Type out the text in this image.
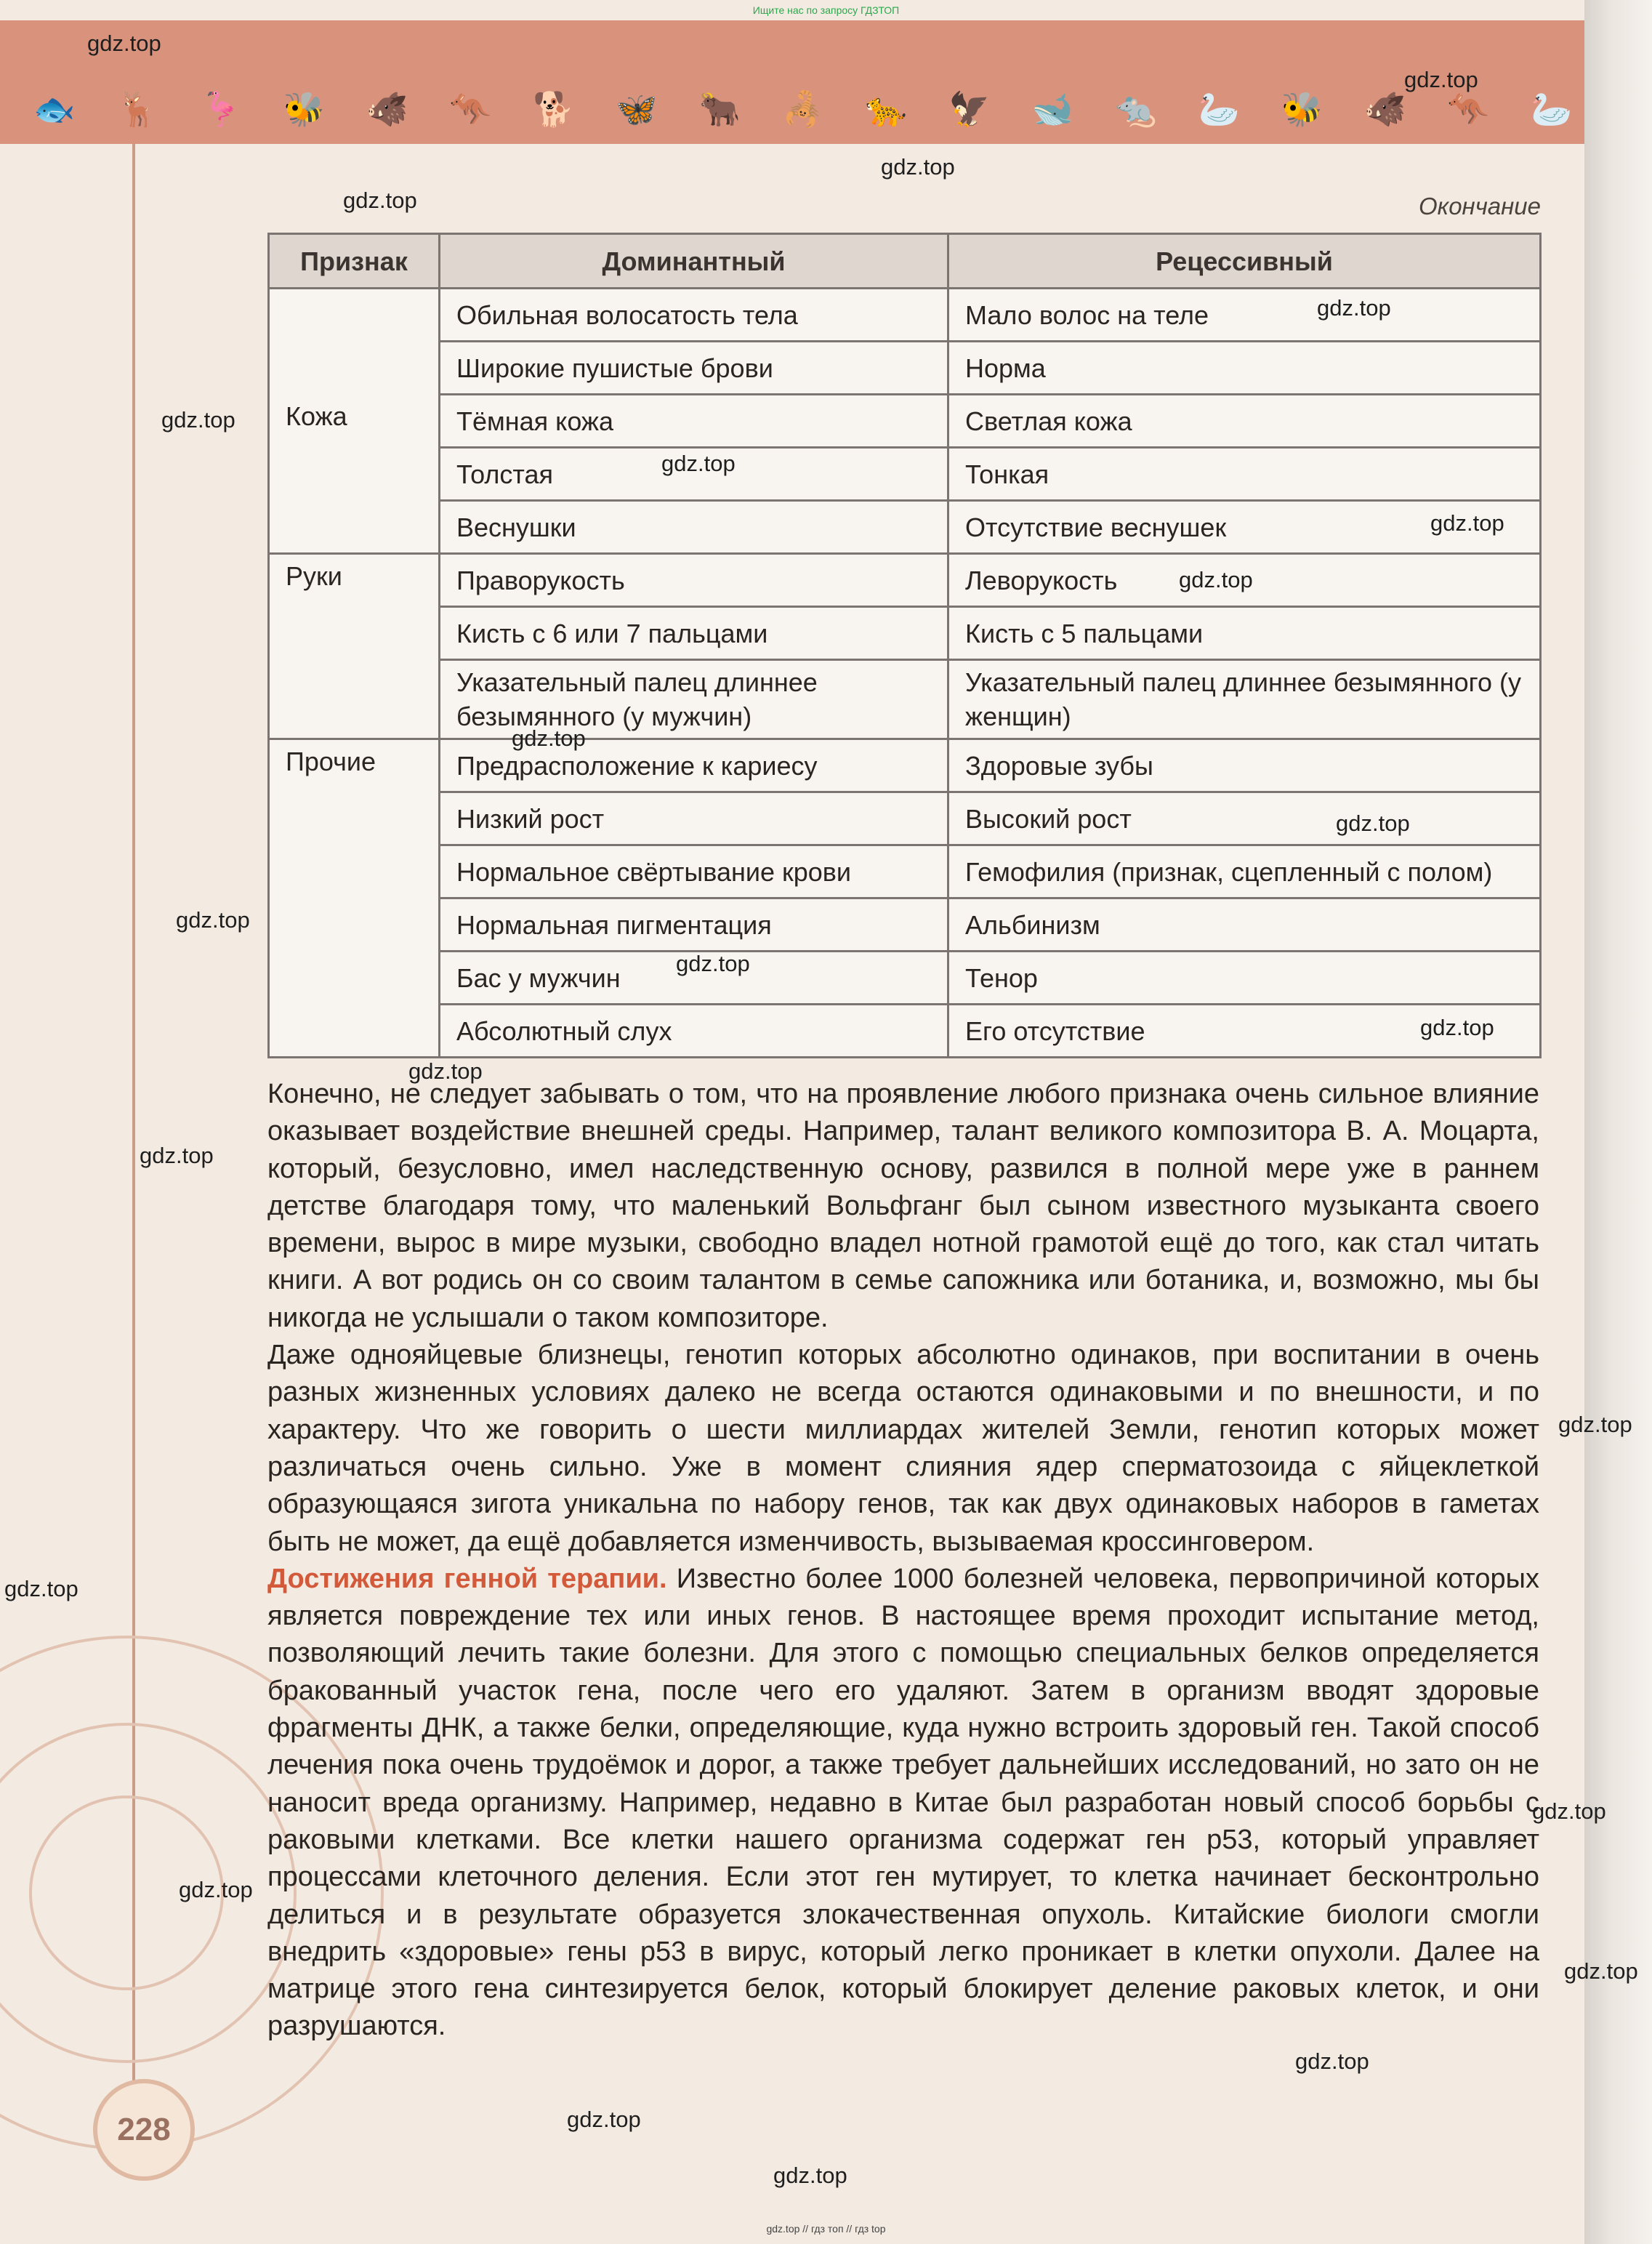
🐟	🦌	🦩	🐝	🐗	🦘	🐕	🦋	🐂	🦂	🐆	🦅	🐋	🐀	🦢	🐝	🐗	🦘	🦢
Ищите нас по запросу ГДЗТОП
gdz.top // гдз топ // гдз top
Окончание
Признак	Доминантный	Рецессивный
	Обильная волосатость тела	Мало волос на теле
	Широкие пушистые брови	Норма
Кожа	Тёмная кожа	Светлая кожа
	Толстая	Тонкая
	Веснушки	Отсутствие веснушек
Руки	Праворукость	Леворукость
	Кисть с 6 или 7 пальцами	Кисть с 5 пальцами
	Указательный палец длиннее безымянного (у мужчин)	Указательный палец длиннее безымянного (у женщин)
Прочие	Предрасположение к кариесу	Здоровые зубы
	Низкий рост	Высокий рост
	Нормальное свёртывание крови	Гемофилия (признак, сцепленный с полом)
	Нормальная пигментация	Альбинизм
	Бас у мужчин	Тенор
	Абсолютный слух	Его отсутствие

Конечно, не следует забывать о том, что на проявление любого признака очень сильное влияние оказывает воздействие внешней среды. Например, талант великого композитора В. А. Моцарта, который, безусловно, имел наследственную основу, развился в полной мере уже в раннем детстве благодаря тому, что маленький Вольфганг был сыном известного музыканта своего времени, вырос в мире музыки, свободно владел нотной грамотой ещё до того, как стал читать книги. А вот родись он со своим талантом в семье сапожника или ботаника, и, возможно, мы бы никогда не услышали о таком композиторе.

Даже однояйцевые близнецы, генотип которых абсолютно одинаков, при воспитании в очень разных жизненных условиях далеко не всегда остаются одинаковыми и по внешности, и по характеру. Что же говорить о шести миллиардах жителей Земли, генотип которых может различаться очень сильно. Уже в момент слияния ядер сперматозоида с яйцеклеткой образующаяся зигота уникальна по набору генов, так как двух одинаковых наборов в гаметах быть не может, да ещё добавляется изменчивость, вызываемая кроссинговером.

Достижения генной терапии. Известно более 1000 болезней человека, первопричиной которых является повреждение тех или иных генов. В настоящее время проходит испытание метод, позволяющий лечить такие болезни. Для этого с помощью специальных белков определяется бракованный участок гена, после чего его удаляют. Затем в организм вводят здоровые фрагменты ДНК, а также белки, определяющие, куда нужно встроить здоровый ген. Такой способ лечения пока очень трудоёмок и дорог, а также требует дальнейших исследований, но зато он не наносит вреда организму. Например, недавно в Китае был разработан новый способ борьбы с раковыми клетками. Все клетки нашего организма содержат ген p53, который управляет процессами клеточного деления. Если этот ген мутирует, то клетка начинает бесконтрольно делиться и в результате образуется злокачественная опухоль. Китайские биологи смогли внедрить «здоровые» гены p53 в вирус, который легко проникает в клетки опухоли. Далее на матрице этого гена синтезируется белок, который блокирует деление раковых клеток, и они разрушаются.

228
gdz.top
gdz.top
gdz.top
gdz.top
gdz.top
gdz.top
gdz.top
gdz.top
gdz.top
gdz.top
gdz.top
gdz.top
gdz.top
gdz.top
gdz.top
gdz.top
gdz.top
gdz.top
gdz.top
gdz.top
gdz.top
gdz.top
gdz.top
gdz.top
